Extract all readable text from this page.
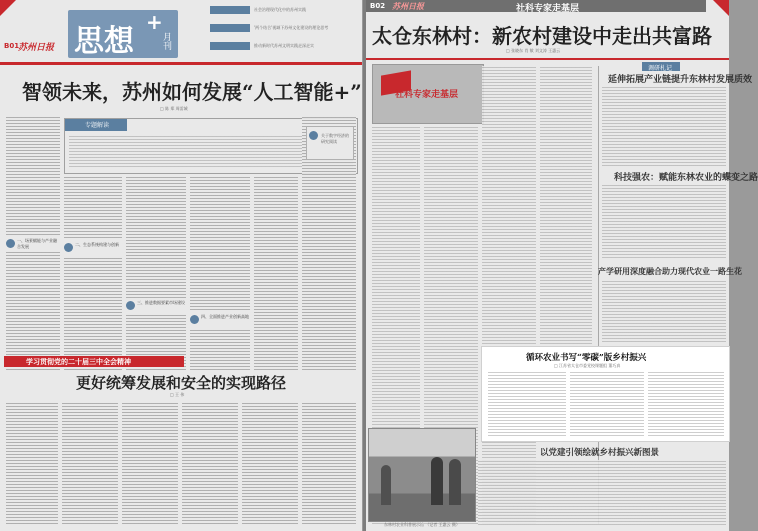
B01
苏州日报 思想
+
月刊
社会治理现代化中的苏州实践
'两个结合'视域下苏州文化建设的理论思考
推动新时代苏州文明实践走深走实
智领未来，苏州如何发展“人工智能+”
□ 陈 郑 周雷城
专题解读
关于数字经济的研究阅读
一、场景赋能与产业融合发展	二、生态系统构建与创新
三、推进数据要素市场建设
四、全面推进产业创新高地
学习贯彻党的二十届三中全会精神
更好统筹发展和安全的实现路径
□ 王 伟
B02 苏州日报	社科专家走基层
太仓东林村：新农村建设中走出共富路
□ 张晓东 肖 敏 刘文涛 王惠云
社科专家走基层
东林村农业科普展示馆 （记者 王惠云 摄）
调研札记
延伸拓展产业链提升东林村发展质效
科技强农：赋能东林农业的蝶变之路
产学研用深度融合助力现代农业一路生花
循环农业书写“零碳”版乡村振兴
□ 江苏省太仓市委党校课题组 董巧真
以党建引领绘就乡村振兴新图景
